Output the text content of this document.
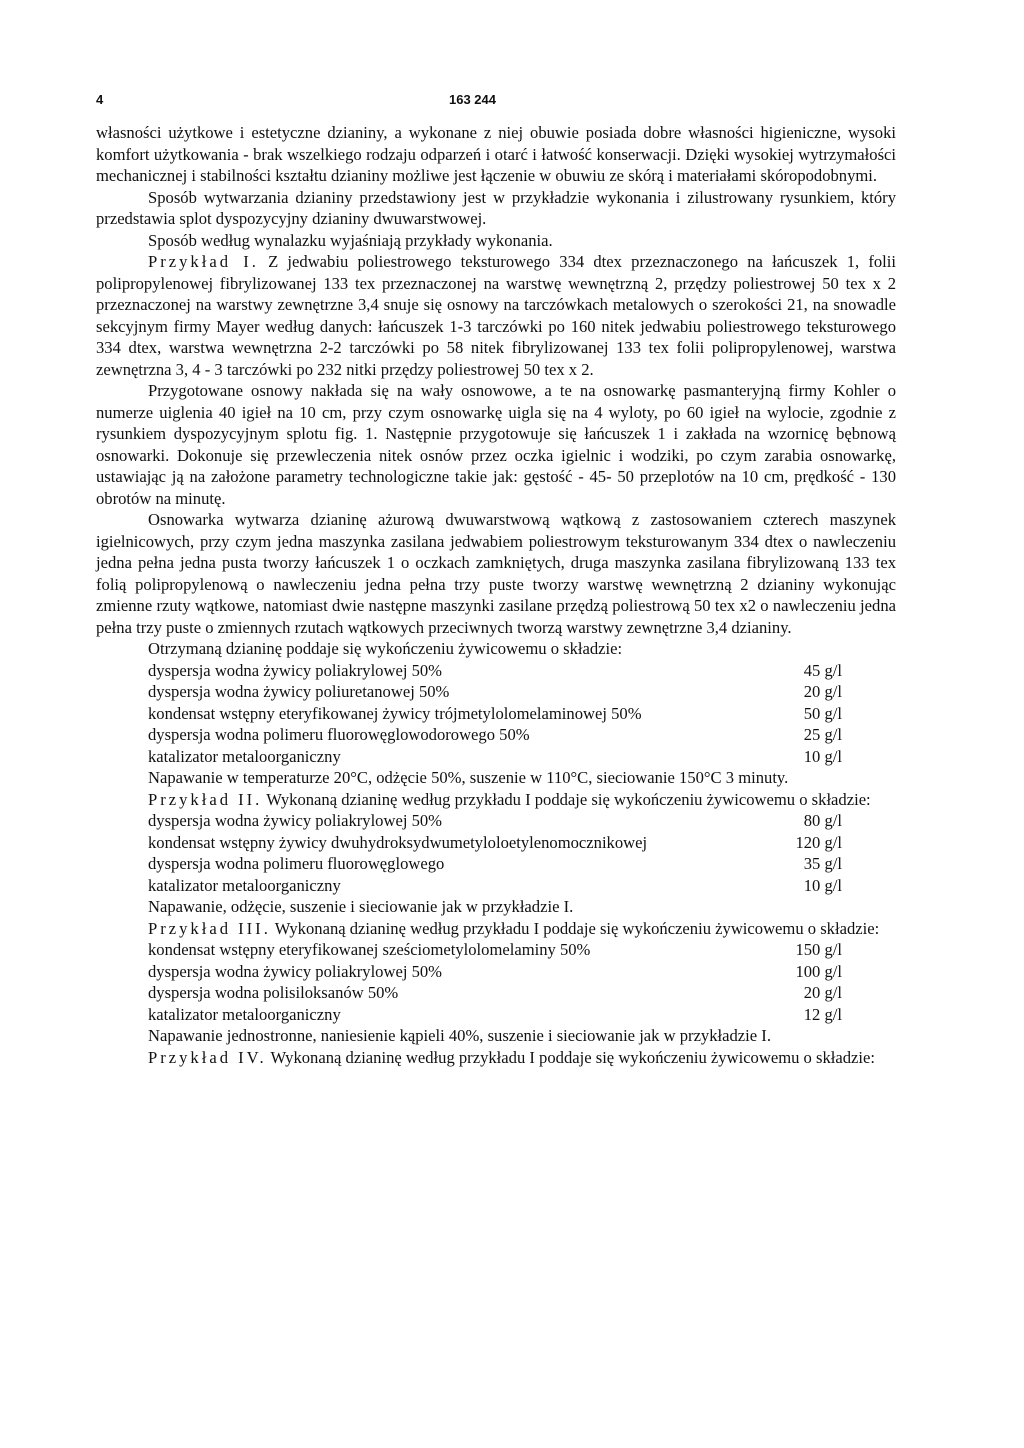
4	163 244

własności użytkowe i estetyczne dzianiny, a wykonane z niej obuwie posiada dobre własności higieniczne, wysoki komfort użytkowania - brak wszelkiego rodzaju odparzeń i otarć i łatwość konserwacji. Dzięki wysokiej wytrzymałości mechanicznej i stabilności kształtu dzianiny możliwe jest łączenie w obuwiu ze skórą i materiałami skóropodobnymi.

Sposób wytwarzania dzianiny przedstawiony jest w przykładzie wykonania i zilustrowany rysunkiem, który przedstawia splot dyspozycyjny dzianiny dwuwarstwowej.

Sposób według wynalazku wyjaśniają przykłady wykonania.

Przykład I. Z jedwabiu poliestrowego teksturowego 334 dtex przeznaczonego na łańcuszek 1, folii polipropylenowej fibrylizowanej 133 tex przeznaczonej na warstwę wewnętrzną 2, przędzy poliestrowej 50 tex x 2 przeznaczonej na warstwy zewnętrzne 3,4 snuje się osnowy na tarczówkach metalowych o szerokości 21, na snowadle sekcyjnym firmy Mayer według danych: łańcuszek 1-3 tarczówki po 160 nitek jedwabiu poliestrowego teksturowego 334 dtex, warstwa wewnętrzna 2-2 tarczówki po 58 nitek fibrylizowanej 133 tex folii polipropylenowej, warstwa zewnętrzna 3, 4 - 3 tarczówki po 232 nitki przędzy poliestrowej 50 tex x 2.

Przygotowane osnowy nakłada się na wały osnowowe, a te na osnowarkę pasmanteryjną firmy Kohler o numerze uiglenia 40 igieł na 10 cm, przy czym osnowarkę uigla się na 4 wyloty, po 60 igieł na wylocie, zgodnie z rysunkiem dyspozycyjnym splotu fig. 1. Następnie przygotowuje się łańcuszek 1 i zakłada na wzornicę bębnową osnowarki. Dokonuje się przewleczenia nitek osnów przez oczka igielnic i wodziki, po czym zarabia osnowarkę, ustawiając ją na założone parametry technologiczne takie jak: gęstość - 45- 50 przeplotów na 10 cm, prędkość - 130 obrotów na minutę.

Osnowarka wytwarza dzianinę ażurową dwuwarstwową wątkową z zastosowaniem czterech maszynek igielnicowych, przy czym jedna maszynka zasilana jedwabiem poliestrowym teksturowanym 334 dtex o nawleczeniu jedna pełna jedna pusta tworzy łańcuszek 1 o oczkach zamkniętych, druga maszynka zasilana fibrylizowaną 133 tex folią polipropylenową o nawleczeniu jedna pełna trzy puste tworzy warstwę wewnętrzną 2 dzianiny wykonując zmienne rzuty wątkowe, natomiast dwie następne maszynki zasilane przędzą poliestrową 50 tex x2 o nawleczeniu jedna pełna trzy puste o zmiennych rzutach wątkowych przeciwnych tworzą warstwy zewnętrzne 3,4 dzianiny.

Otrzymaną dzianinę poddaje się wykończeniu żywicowemu o składzie:

dyspersja wodna żywicy poliakrylowej 50%	45 g/l
dyspersja wodna żywicy poliuretanowej 50%	20 g/l
kondensat wstępny eteryfikowanej żywicy trójmetylolomelaminowej 50%	50 g/l
dyspersja wodna polimeru fluorowęglowodorowego 50%	25 g/l
katalizator metaloorganiczny	10 g/l

Napawanie w temperaturze 20°C, odżęcie 50%, suszenie w 110°C, sieciowanie 150°C 3 minuty.

Przykład II. Wykonaną dzianinę według przykładu I poddaje się wykończeniu żywicowemu o składzie:

dyspersja wodna żywicy poliakrylowej 50%	80 g/l
kondensat wstępny żywicy dwuhydroksydwumetyloloetylenomocznikowej	120 g/l
dyspersja wodna polimeru fluorowęglowego	35 g/l
katalizator metaloorganiczny	10 g/l

Napawanie, odżęcie, suszenie i sieciowanie jak w przykładzie I.

Przykład III. Wykonaną dzianinę według przykładu I poddaje się wykończeniu żywicowemu o składzie:

kondensat wstępny eteryfikowanej sześciometylolomelaminy 50%	150 g/l
dyspersja wodna żywicy poliakrylowej 50%	100 g/l
dyspersja wodna polisiloksanów 50%	20 g/l
katalizator metaloorganiczny	12 g/l

Napawanie jednostronne, naniesienie kąpieli 40%, suszenie i sieciowanie jak w przykładzie I.

Przykład IV. Wykonaną dzianinę według przykładu I poddaje się wykończeniu żywicowemu o składzie:
